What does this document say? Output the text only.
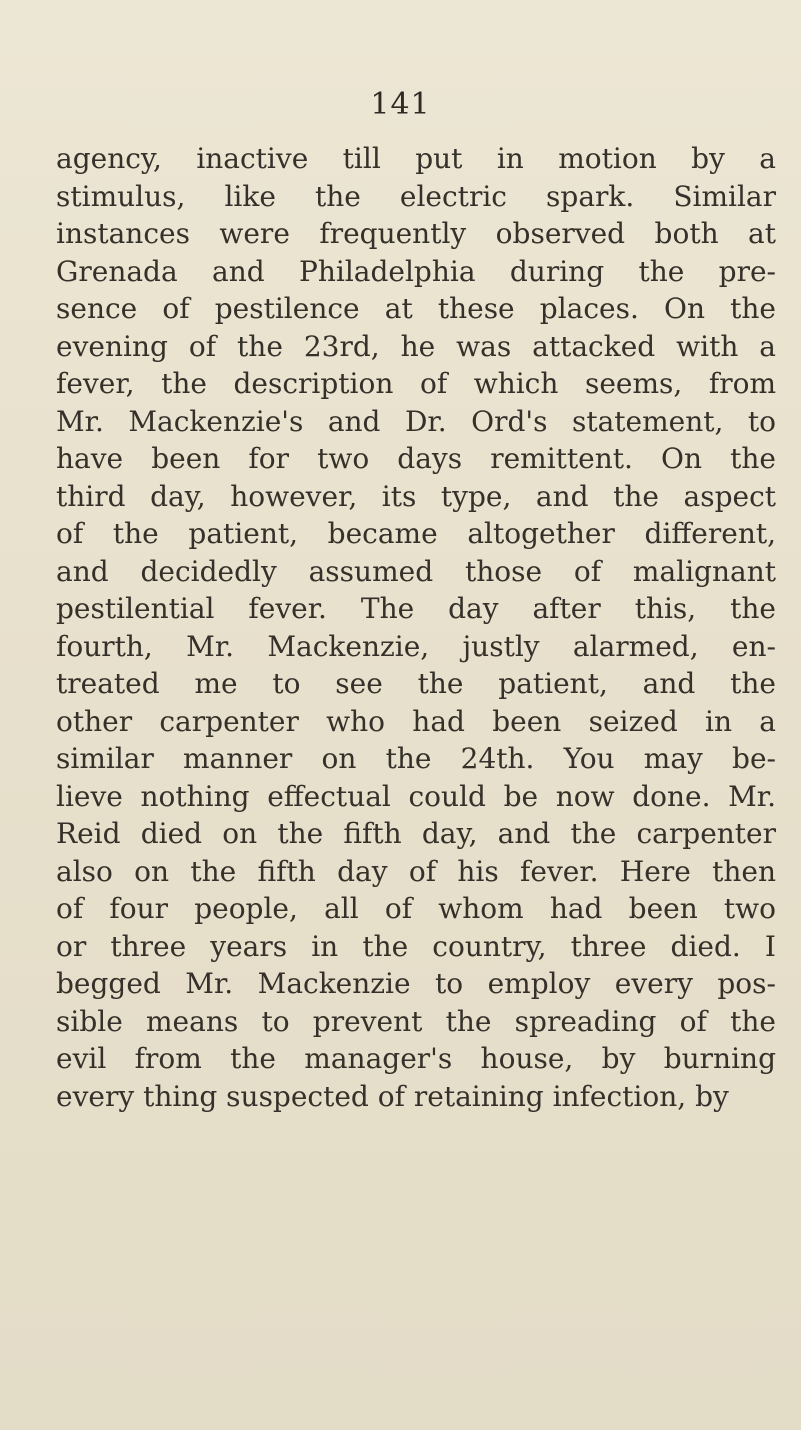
141
agency, inactive till put in motion by a
stimulus, like the electric spark. Similar
instances were frequently observed both at
Grenada and Philadelphia during the pre-
sence of pestilence at these places. On the
evening of the 23rd, he was attacked with a
fever, the description of which seems, from
Mr. Mackenzie's and Dr. Ord's statement, to
have been for two days remittent. On the
third day, however, its type, and the aspect
of the patient, became altogether different,
and decidedly assumed those of malignant
pestilential fever. The day after this, the
fourth, Mr. Mackenzie, justly alarmed, en-
treated me to see the patient, and the
other carpenter who had been seized in a
similar manner on the 24th. You may be-
lieve nothing effectual could be now done. Mr.
Reid died on the fifth day, and the carpenter
also on the fifth day of his fever. Here then
of four people, all of whom had been two
or three years in the country, three died. I
begged Mr. Mackenzie to employ every pos-
sible means to prevent the spreading of the
evil from the manager's house, by burning
every thing suspected of retaining infection, by
